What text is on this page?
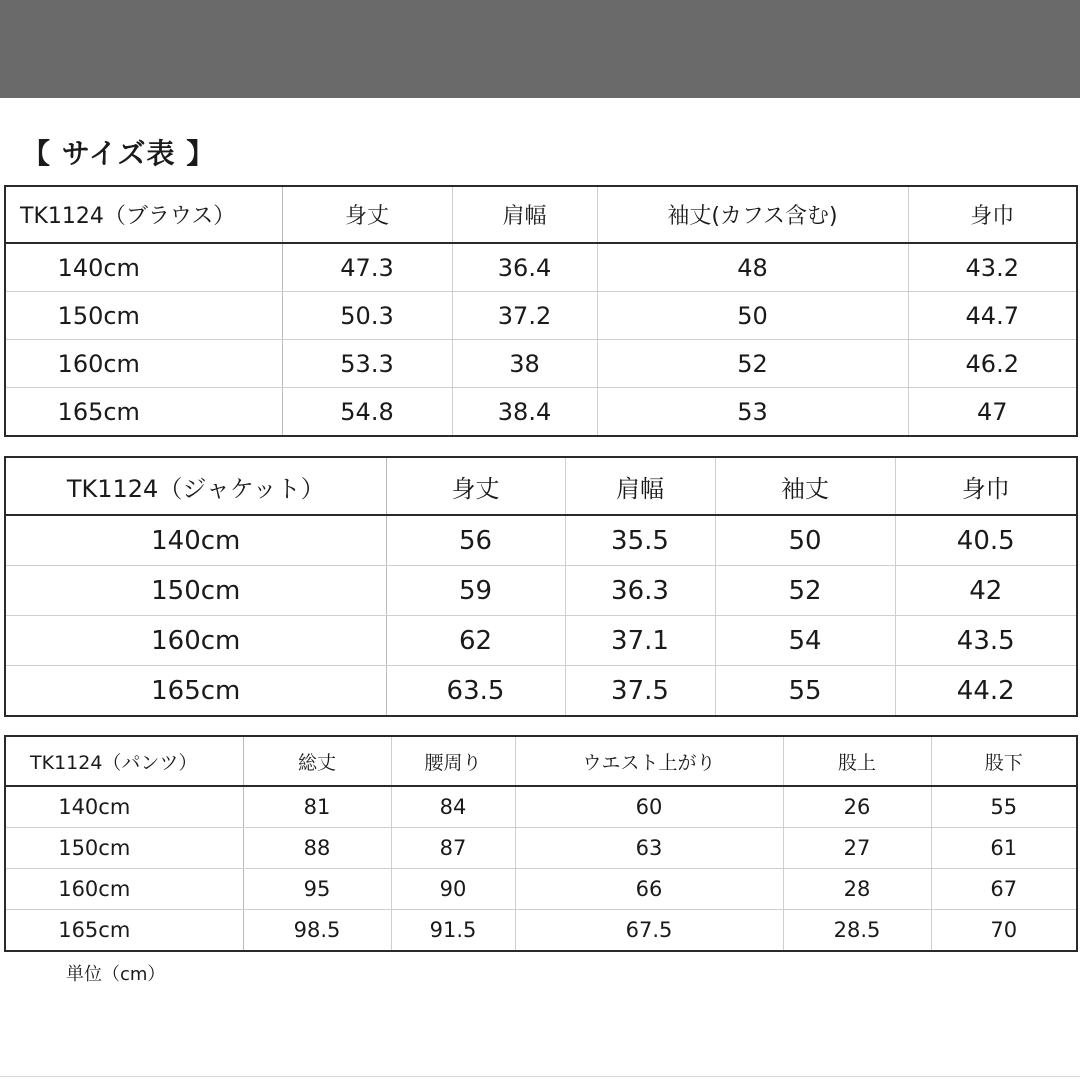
【 サイズ表 】
TK1124（ブラウス）	身丈	肩幅	袖丈(カフス含む)	身巾
140cm	47.3	36.4	48	43.2
150cm	50.3	37.2	50	44.7
160cm	53.3	38	52	46.2
165cm	54.8	38.4	53	47
TK1124（ジャケット）	身丈	肩幅	袖丈	身巾
140cm	56	35.5	50	40.5
150cm	59	36.3	52	42
160cm	62	37.1	54	43.5
165cm	63.5	37.5	55	44.2
TK1124（パンツ）	総丈	腰周り	ウエスト上がり	股上	股下
140cm	81	84	60	26	55
150cm	88	87	63	27	61
160cm	95	90	66	28	67
165cm	98.5	91.5	67.5	28.5	70
単位（cm）
